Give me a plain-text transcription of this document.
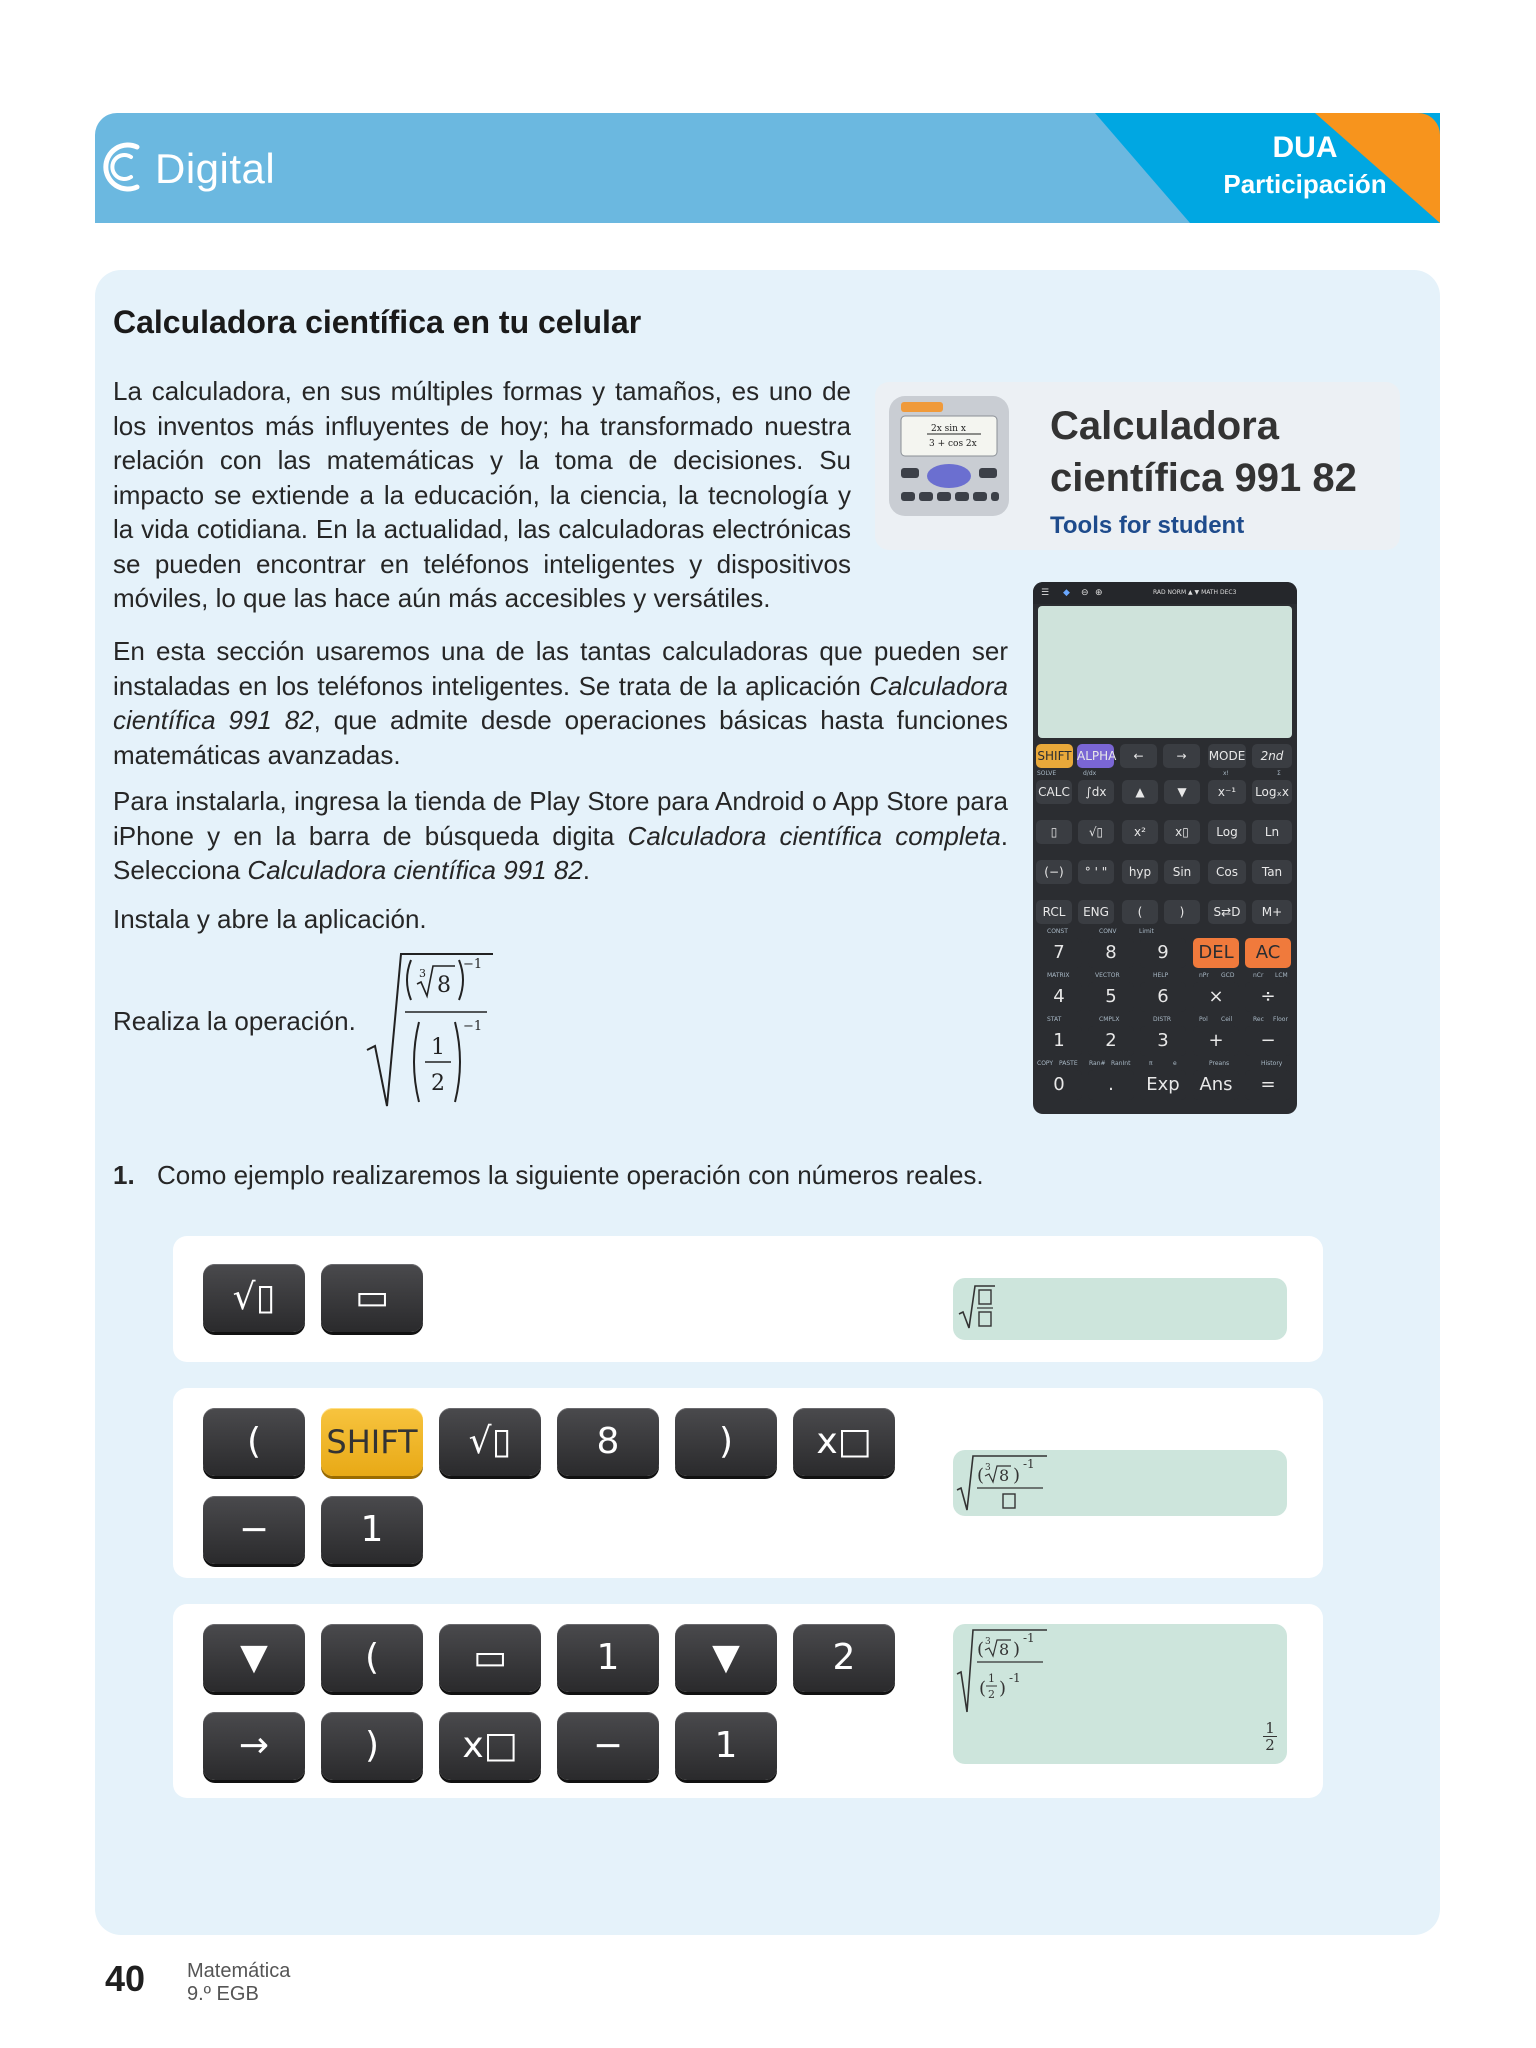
Digital	DUA
Participación
Calculadora científica en tu celular
La calculadora, en sus múltiples formas y tamaños, es uno de los inventos más influyentes de hoy; ha transformado nuestra relación con las matemáticas y la toma de decisiones. Su impacto se extiende a la educación, la ciencia, la tecnología y la vida cotidiana. En la actualidad, las calculadoras electrónicas se pueden encontrar en teléfonos inteligentes y dispositivos móviles, lo que las hace aún más accesibles y versátiles.
En esta sección usaremos una de las tantas calculadoras que pueden ser instaladas en los teléfonos inteligentes. Se trata de la aplicación Calculadora científica 991 82, que admite desde operaciones básicas hasta funciones matemáticas avanzadas.
Para instalarla, ingresa la tienda de Play Store para Android o App Store para iPhone y en la barra de búsqueda digita Calculadora científica completa. Selecciona Calculadora científica 991 82.
Instala y abre la aplicación.
Realiza la operación.
3 8
−1
1
2
−1
2x sin x
3 + cos 2x Calculadora
científica 991 82
Tools for student
☰ ◆ ⊖ ⊕	RAD NORM ▲ ▼ MATH DEC3
SHIFT ALPHA	←	→	MODE	2nd
SOLVE	d/dx	x!	Σ
CALC	∫dx	▲	▼	x⁻¹	Logₓx
▯	√▯	x²	x▯	Log	Ln
(−)	° ' "	hyp	Sin	Cos	Tan
RCL	ENG	(	)	S⇄D	M+
CONST	CONV	Limit
7	8	9	DEL	AC
MATRIX	VECTOR	HELP	nPr GCD	nCr LCM
4	5	6	×	÷
STAT	CMPLX	DISTR	Pol Ceil	Rec Floor
1	2	3	+	−
COPY PASTE Ran# RanInt	π	e	Preans	History
0	.	Exp	Ans	=
1. Como ejemplo realizaremos la siguiente operación con números reales.
√▯	▭
(	SHIFT	√▯	8	)	x□
−	1
( 3 8 )
-1
▼	(	▭	1	▼	2
→	)	x□	−	1
( 3 8 )
-1
( 1
2 ) -1
$\frac{1}{2}$
40 Matemática
9.º EGB
